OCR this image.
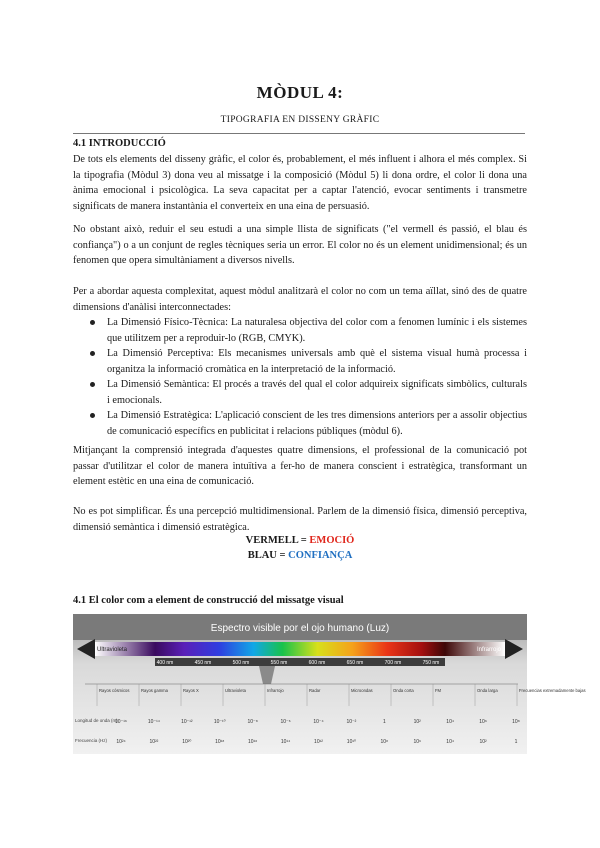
MÒDUL 4:
TIPOGRAFIA EN DISSENY GRÀFIC
4.1 INTRODUCCIÓ
De tots els elements del disseny gràfic, el color és, probablement, el més influent i alhora el més complex. Si la tipografia (Mòdul 3) dona veu al missatge i la composició (Mòdul 5) li dona ordre, el color li dona una ànima emocional i psicològica. La seva capacitat per a captar l'atenció, evocar sentiments i transmetre significats de manera instantània el converteix en una eina de persuasió.
No obstant això, reduir el seu estudi a una simple llista de significats ("el vermell és passió, el blau és confiança") o a un conjunt de regles tècniques seria un error. El color no és un element unidimensional; és un fenomen que opera simultàniament a diversos nivells.
Per a abordar aquesta complexitat, aquest mòdul analitzarà el color no com un tema aïllat, sinó des de quatre dimensions d'anàlisi interconnectades:
La Dimensió Físico-Tècnica: La naturalesa objectiva del color com a fenomen lumínic i els sistemes que utilitzem per a reproduir-lo (RGB, CMYK).
La Dimensió Perceptiva: Els mecanismes universals amb què el sistema visual humà processa i organitza la informació cromàtica en la interpretació de la informació.
La Dimensió Semàntica: El procés a través del qual el color adquireix significats simbòlics, culturals i emocionals.
La Dimensió Estratègica: L'aplicació conscient de les tres dimensions anteriors per a assolir objectius de comunicació específics en publicitat i relacions públiques (mòdul 6).
Mitjançant la comprensió integrada d'aquestes quatre dimensions, el professional de la comunicació pot passar d'utilitzar el color de manera intuïtiva a fer-ho de manera conscient i estratègica, transformant un element estètic en una eina de comunicació.
No es pot simplificar. És una percepció multidimensional. Parlem de la dimensió física, dimensió perceptiva, dimensió semàntica i dimensió estratègica.
VERMELL = EMOCIÓ
BLAU = CONFIANÇA
4.1 El color com a element de construcció del missatge visual
Espectro visible por el ojo humano (Luz)
Ultravioleta	Infrarrojo
400 nm	450 nm	500 nm	550 nm	600 nm	650 nm	700 nm	750 nm
Rayos cósmicos	Rayos gamma	Rayos X	Ultravioleta	Infrarrojo	Radar	Microondas	Onda corta	FM	Onda larga	Frecuencias extremadamente bajas
Longitud de onda (m)
Frecuencia (Hz)
10⁻¹⁶	10⁻¹⁴	10⁻¹²	10⁻¹⁰	10⁻⁸	10⁻⁶	10⁻⁴	10⁻²	1	10²	10⁴	10⁶	10⁸
10²⁴	10²²	10²⁰	10¹⁸	10¹⁶	10¹⁴	10¹²	10¹⁰	10⁸	10⁶	10⁴	10²	1
